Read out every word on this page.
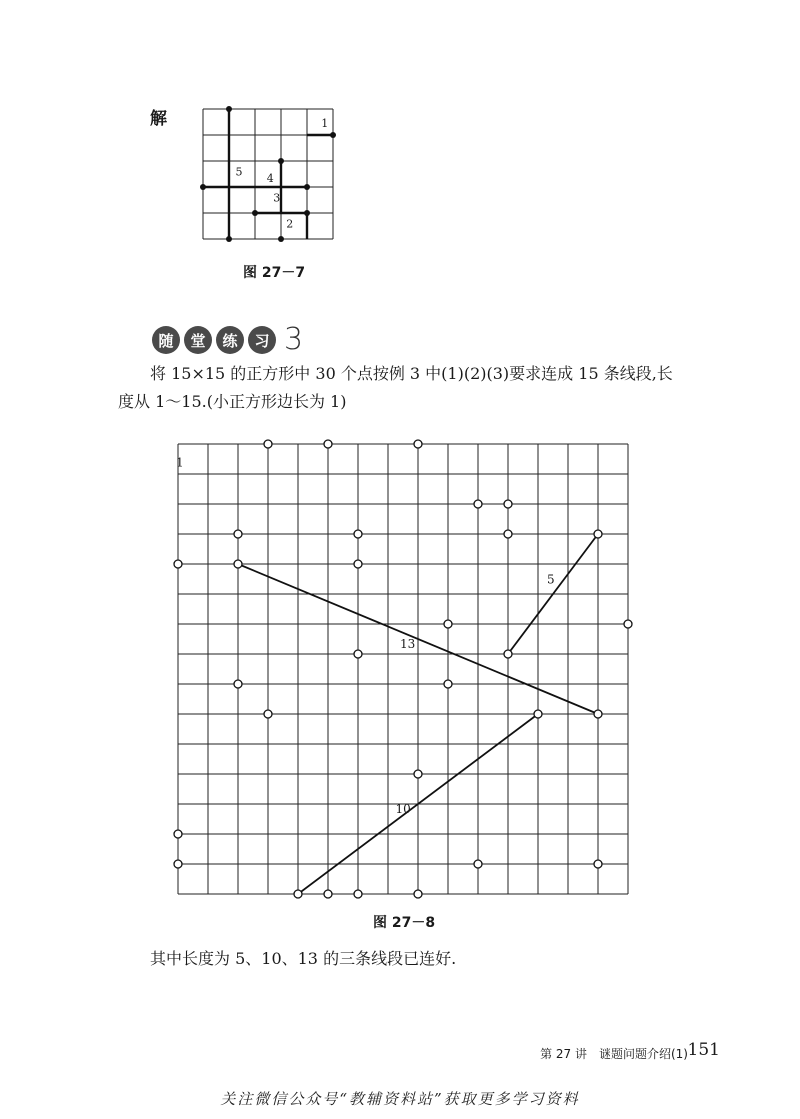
解	1
5 4
3
2
图 27－7
随	堂	练	习 3
将 15×15 的正方形中 30 个点按例 3 中(1)(2)(3)要求连成 15 条线段,长
度从 1～15.(小正方形边长为 1)
13
5
10
1
图 27－8
其中长度为 5、10、13 的三条线段已连好.
第 27 讲　谜题问题介绍(1) 151
关注微信公众号“教辅资料站”获取更多学习资料
